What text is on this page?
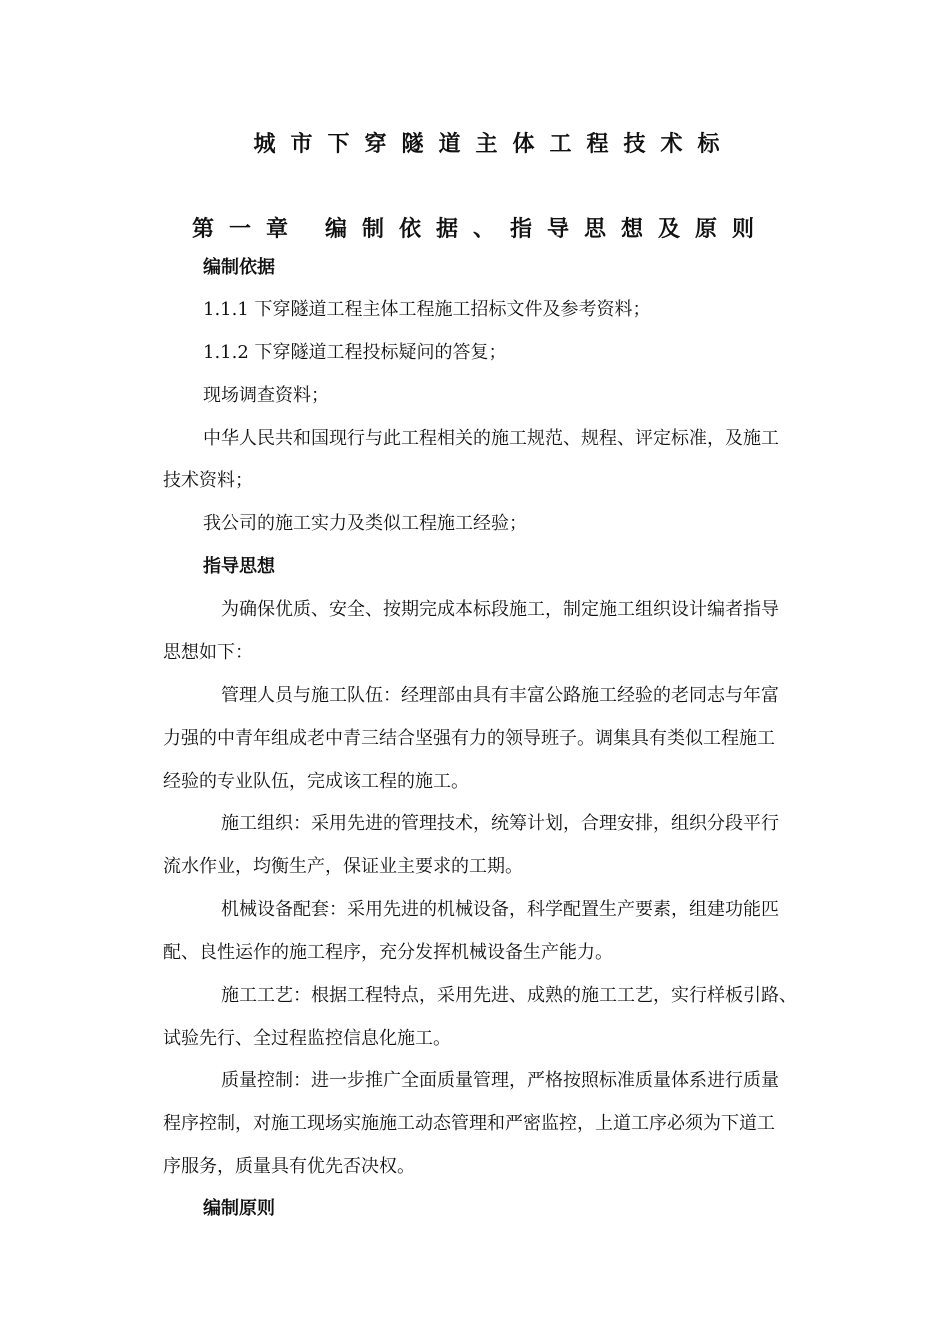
城市下穿隧道主体工程技术标
第一章 编制依据、指导思想及原则
编制依据
1.1.1 下穿隧道工程主体工程施工招标文件及参考资料；
1.1.2 下穿隧道工程投标疑问的答复；
现场调查资料；
中华人民共和国现行与此工程相关的施工规范、规程、评定标准，及施工
技术资料；
我公司的施工实力及类似工程施工经验；
指导思想
为确保优质、安全、按期完成本标段施工，制定施工组织设计编者指导
思想如下：
管理人员与施工队伍：经理部由具有丰富公路施工经验的老同志与年富
力强的中青年组成老中青三结合坚强有力的领导班子。调集具有类似工程施工
经验的专业队伍，完成该工程的施工。
施工组织：采用先进的管理技术，统筹计划，合理安排，组织分段平行
流水作业，均衡生产，保证业主要求的工期。
机械设备配套：采用先进的机械设备，科学配置生产要素，组建功能匹
配、良性运作的施工程序，充分发挥机械设备生产能力。
施工工艺：根据工程特点，采用先进、成熟的施工工艺，实行样板引路、
试验先行、全过程监控信息化施工。
质量控制：进一步推广全面质量管理，严格按照标准质量体系进行质量
程序控制，对施工现场实施施工动态管理和严密监控，上道工序必须为下道工
序服务，质量具有优先否决权。
编制原则
